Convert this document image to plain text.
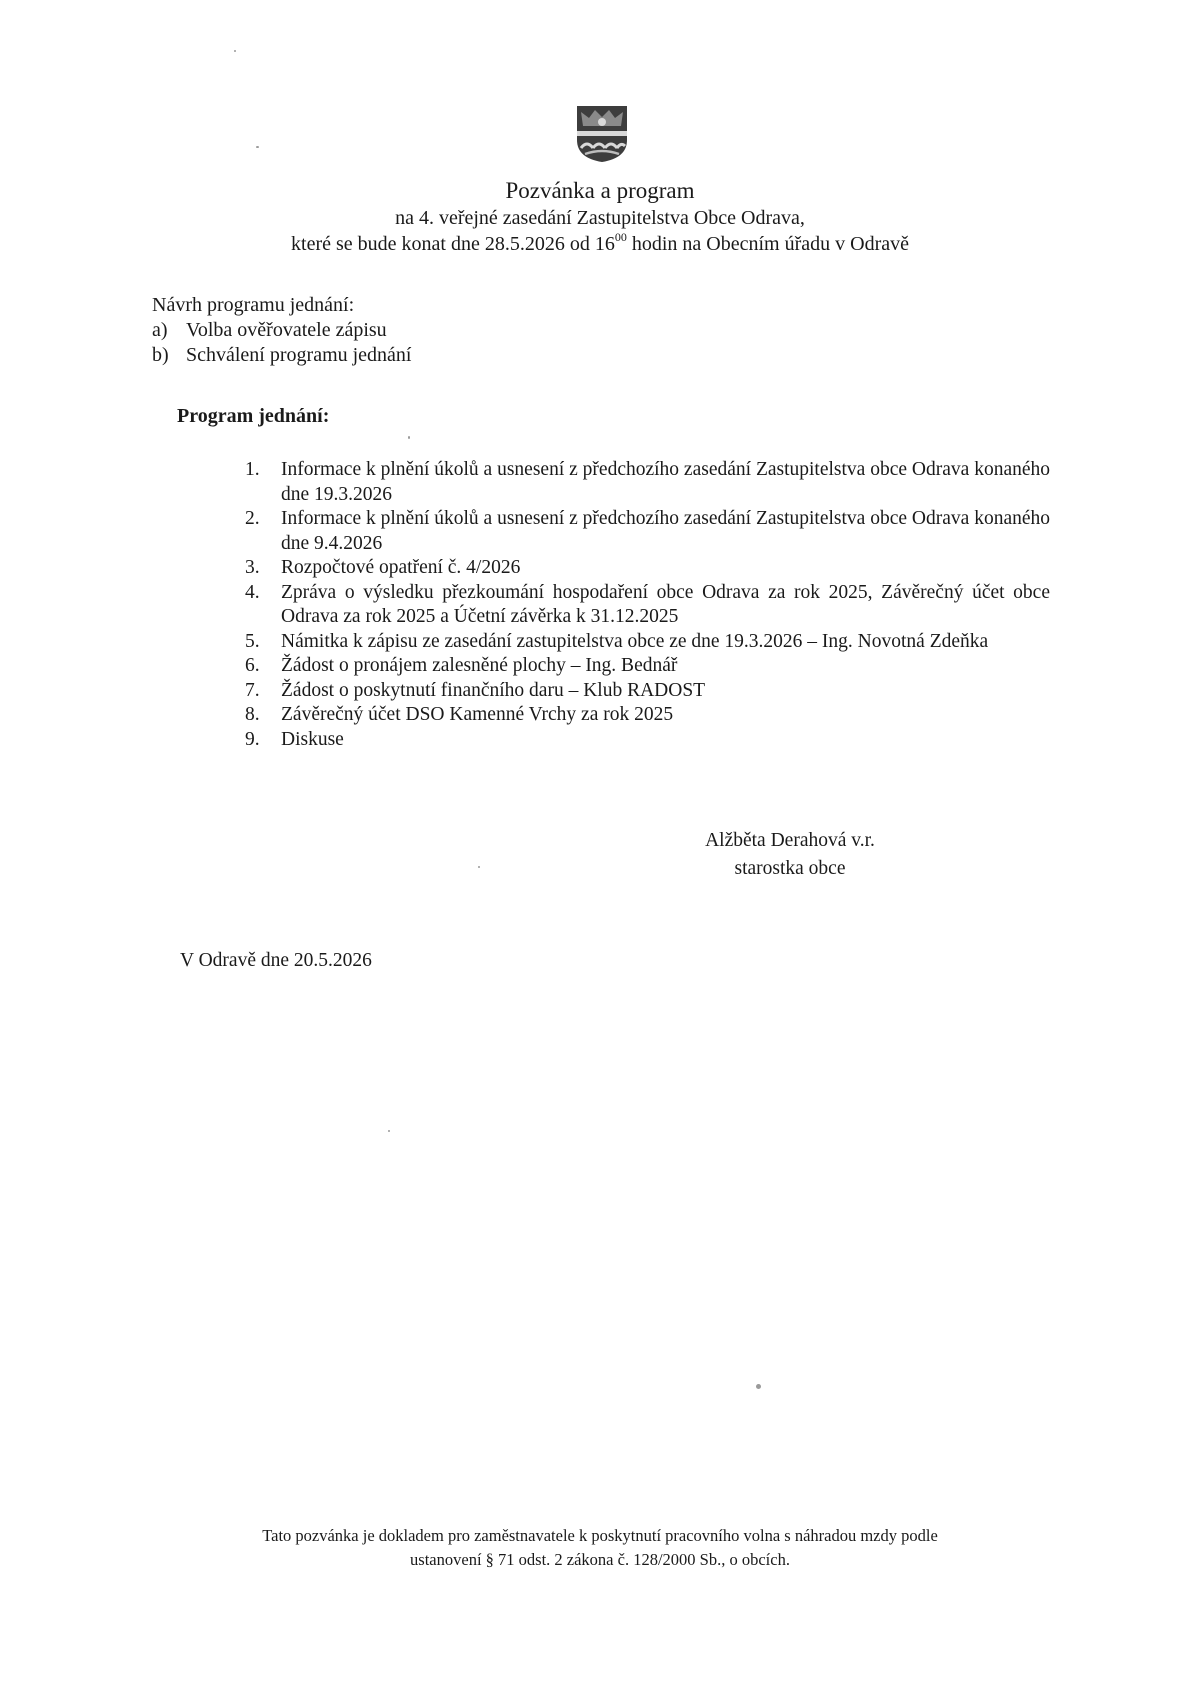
Pozvánka a program
na 4. veřejné zasedání Zastupitelstva Obce Odrava,
které se bude konat dne 28.5.2026 od $16^{00}$ hodin na Obecním úřadu v Odravě
Návrh programu jednání:
a) Volba ověřovatele zápisu
b) Schválení programu jednání
Program jednání:
1.	Informace k plnění úkolů a usnesení z předchozího zasedání Zastupitelstva obce Odrava konaného dne 19.3.2026
2.	Informace k plnění úkolů a usnesení z předchozího zasedání Zastupitelstva obce Odrava konaného dne 9.4.2026
3.	Rozpočtové opatření č. 4/2026
4.	Zpráva o výsledku přezkoumání hospodaření obce Odrava za rok 2025, Závěrečný účet obce Odrava za rok 2025 a Účetní závěrka k 31.12.2025
5.	Námitka k zápisu ze zasedání zastupitelstva obce ze dne 19.3.2026 – Ing. Novotná Zdeňka
6.	Žádost o pronájem zalesněné plochy – Ing. Bednář
7.	Žádost o poskytnutí finančního daru – Klub RADOST
8.	Závěrečný účet DSO Kamenné Vrchy za rok 2025
9.	Diskuse
Alžběta Derahová v.r.
starostka obce
V Odravě dne 20.5.2026
Tato pozvánka je dokladem pro zaměstnavatele k poskytnutí pracovního volna s náhradou mzdy podle
ustanovení § 71 odst. 2 zákona č. 128/2000 Sb., o obcích.
